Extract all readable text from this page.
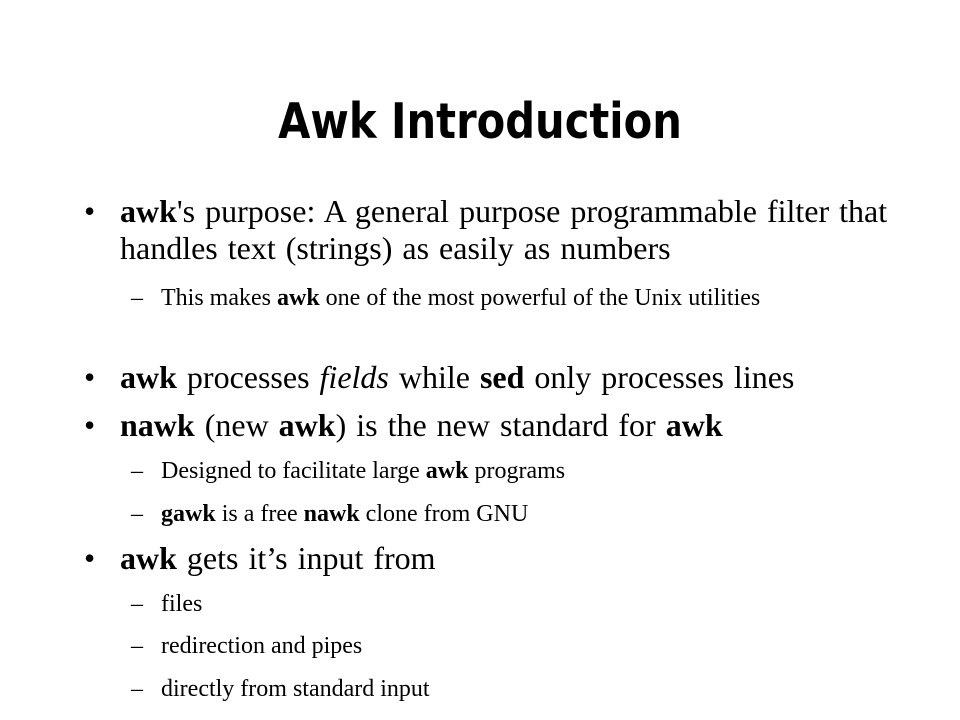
Awk Introduction
• awk's purpose: A general purpose programmable filter that handles text (strings) as easily as numbers
– This makes awk one of the most powerful of the Unix utilities
• awk processes fields while sed only processes lines
• nawk (new awk) is the new standard for awk
– Designed to facilitate large awk programs
– gawk is a free nawk clone from GNU
• awk gets it’s input from
– files
– redirection and pipes
– directly from standard input
